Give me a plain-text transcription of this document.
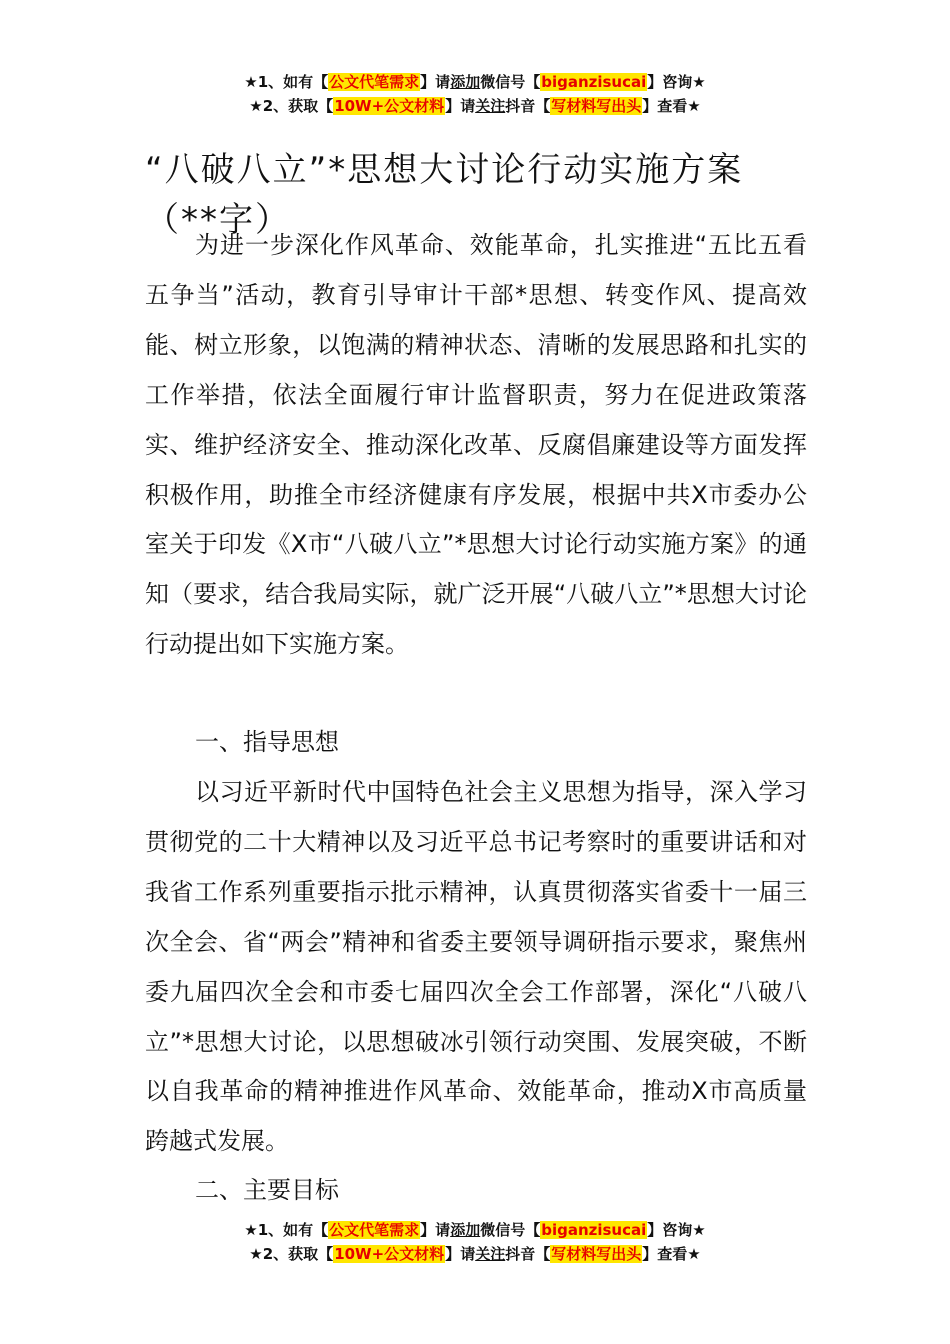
★1、如有【公文代笔需求】请添加微信号【biganzisucai】咨询★
★2、获取【10W+公文材料】请关注抖音【写材料写出头】查看★
“八破八立”*思想大讨论行动实施方案（**字）

为进一步深化作风革命、效能革命，扎实推进“五比五看五争当”活动，教育引导审计干部*思想、转变作风、提高效能、树立形象，以饱满的精神状态、清晰的发展思路和扎实的工作举措，依法全面履行审计监督职责，努力在促进政策落实、维护经济安全、推动深化改革、反腐倡廉建设等方面发挥积极作用，助推全市经济健康有序发展，根据中共X市委办公室关于印发《X市“八破八立”*思想大讨论行动实施方案》的通知（要求，结合我局实际，就广泛开展“八破八立”*思想大讨论行动提出如下实施方案。

一、指导思想

以习近平新时代中国特色社会主义思想为指导，深入学习贯彻党的二十大精神以及习近平总书记考察时的重要讲话和对我省工作系列重要指示批示精神，认真贯彻落实省委十一届三次全会、省“两会”精神和省委主要领导调研指示要求，聚焦州委九届四次全会和市委七届四次全会工作部署，深化“八破八立”*思想大讨论，以思想破冰引领行动突围、发展突破，不断以自我革命的精神推进作风革命、效能革命，推动X市高质量跨越式发展。

二、主要目标

★1、如有【公文代笔需求】请添加微信号【biganzisucai】咨询★
★2、获取【10W+公文材料】请关注抖音【写材料写出头】查看★
